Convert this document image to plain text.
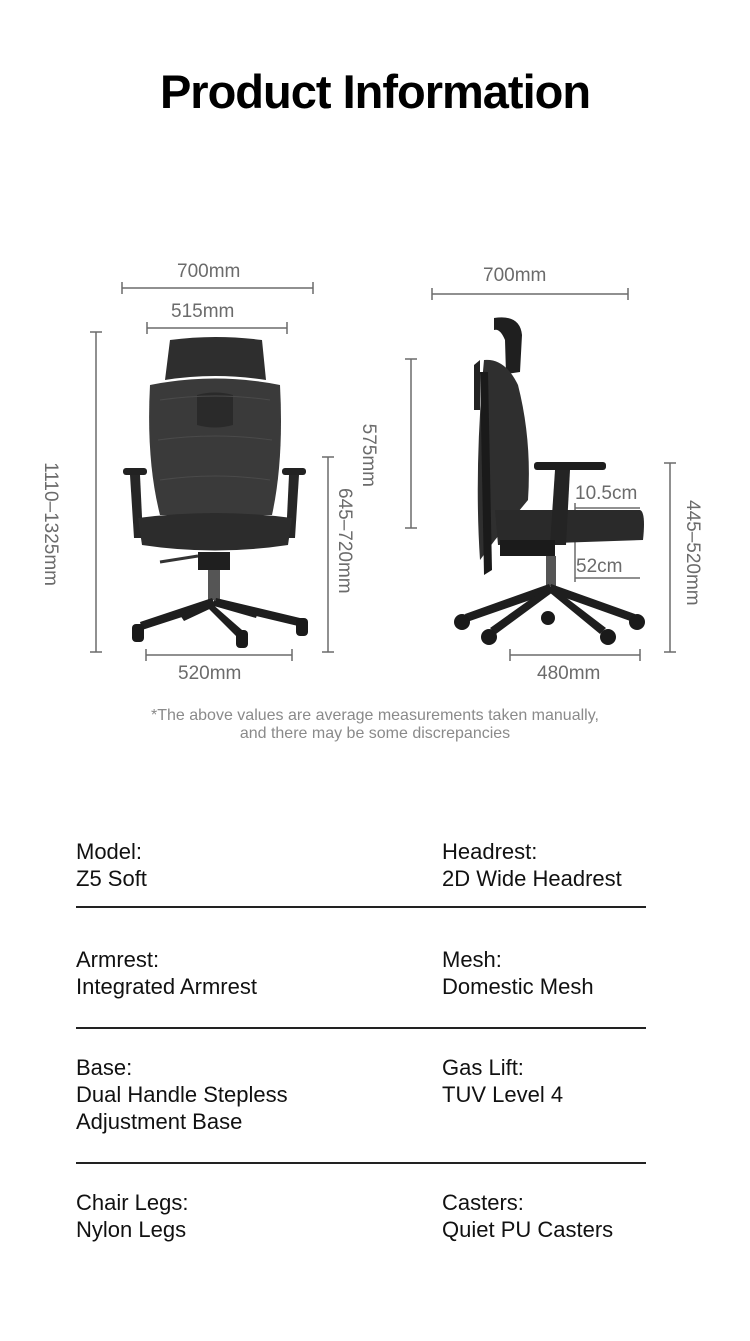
Product Information
700mm
515mm
1110–1325mm	645–720mm
520mm
700mm
575mm
10.5cm
52cm	445–520mm
480mm
*The above values are average measurements taken manually,
and there may be some discrepancies
Model:
Z5 Soft
Headrest:
2D Wide Headrest
Armrest:
Integrated Armrest
Mesh:
Domestic Mesh
Base:
Dual Handle Stepless
Adjustment Base
Gas Lift:
TUV Level 4
Chair Legs:
Nylon Legs
Casters:
Quiet PU Casters
